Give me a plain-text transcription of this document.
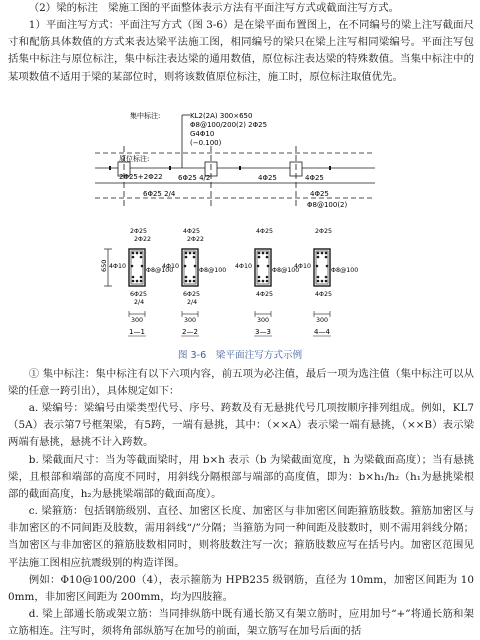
（2）梁的标注　梁施工图的平面整体表示方法有平面注写方式或截面注写方式。

1）平面注写方式：平面注写方式（图 3-6）是在梁平面布置图上，在不同编号的梁上注写截面尺寸和配筋具体数值的方式来表达梁平法施工图，相同编号的梁只在梁上注写相同梁编号。平面注写包括集中标注与原位标注，集中标注表达梁的通用数值，原位标注表达梁的特殊数值。当集中标注中的某项数值不适用于梁的某部位时，则将该数值原位标注，施工时，原位标注取值优先。

集中标注:	KL2(2A) 300×650
Φ8@100/200(2) 2Φ25
G4Φ10
(−0.100)
原位标注:
2Φ25+2Φ22 6Φ25 4/2	4Φ25	4Φ25
6Φ25 2/4	4Φ25
Φ8@100(2)
650
2Φ25
2Φ22
4Φ10
Φ8@100
6Φ25
2/4
300
1—1
4Φ25
2Φ22
4Φ10
Φ8@100
6Φ25
2/4
300
2—2
4Φ25
4Φ10
Φ8@100
4Φ25
300
3—3
2Φ25
4Φ10
Φ8@100
4Φ25
300
4—4
图 3-6　梁平面注写方式示例

① 集中标注：集中标注有以下六项内容，前五项为必注值，最后一项为选注值（集中标注可以从梁的任意一跨引出），具体规定如下：

a. 梁编号：梁编号由梁类型代号、序号、跨数及有无悬挑代号几项按顺序排列组成。例如，KL7（5A）表示第7号框架梁，有5跨，一端有悬挑，其中：（××A）表示梁一端有悬挑，（××B）表示梁两端有悬挑，悬挑不计入跨数。

b. 梁截面尺寸：当为等截面梁时，用 b×h 表示（b 为梁截面宽度，h 为梁截面高度）；当有悬挑梁，且根部和端部的高度不同时，用斜线分隔根部与端部的高度值，即为：b×h₁/h₂（h₁为悬挑梁根部的截面高度，h₂为悬挑梁端部的截面高度）。

c. 梁箍筋：包括钢筋级别、直径、加密区长度、加密区与非加密区间距箍筋肢数。箍筋加密区与非加密区的不同间距及肢数，需用斜线“/”分隔；当箍筋为同一种间距及肢数时，则不需用斜线分隔；当加密区与非加密区的箍筋肢数相同时，则将肢数注写一次；箍筋肢数应写在括号内。加密区范围见平法施工图相应抗震级别的构造详图。

例如：Φ10@100/200（4），表示箍筋为 HPB235 级钢筋，直径为 10mm，加密区间距为 100mm，非加密区间距为 200mm，均为四肢箍。

d. 梁上部通长筋或架立筋：当同排纵筋中既有通长筋又有架立筋时，应用加号“+”将通长筋和架立筋相连。注写时，须将角部纵筋写在加号的前面，架立筋写在加号后面的括
